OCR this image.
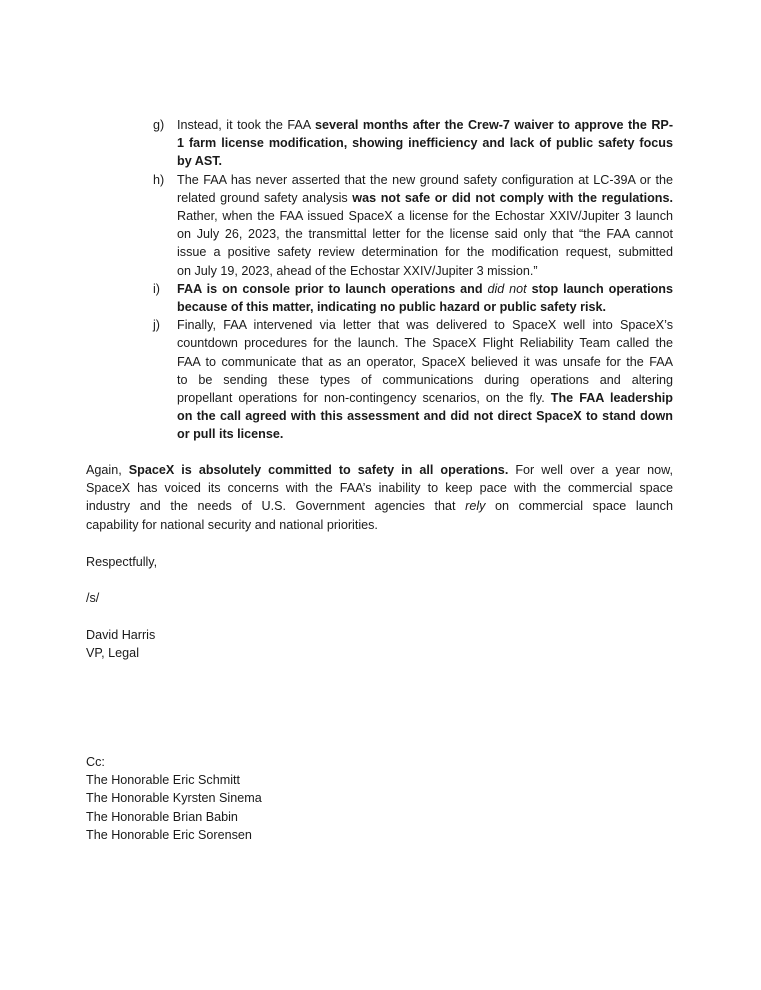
g) Instead, it took the FAA several months after the Crew-7 waiver to approve the RP-
1 farm license modification, showing inefficiency and lack of public safety focus
by AST.
h) The FAA has never asserted that the new ground safety configuration at LC-39A or the
related ground safety analysis was not safe or did not comply with the regulations.
Rather, when the FAA issued SpaceX a license for the Echostar XXIV/Jupiter 3 launch
on July 26, 2023, the transmittal letter for the license said only that “the FAA cannot
issue a positive safety review determination for the modification request, submitted
on July 19, 2023, ahead of the Echostar XXIV/Jupiter 3 mission.”
i) FAA is on console prior to launch operations and did not stop launch operations
because of this matter, indicating no public hazard or public safety risk.
j) Finally, FAA intervened via letter that was delivered to SpaceX well into SpaceX’s
countdown procedures for the launch. The SpaceX Flight Reliability Team called the
FAA to communicate that as an operator, SpaceX believed it was unsafe for the FAA
to be sending these types of communications during operations and altering
propellant operations for non-contingency scenarios, on the fly. The FAA leadership
on the call agreed with this assessment and did not direct SpaceX to stand down
or pull its license.
Again, SpaceX is absolutely committed to safety in all operations. For well over a year now,
SpaceX has voiced its concerns with the FAA’s inability to keep pace with the commercial space
industry and the needs of U.S. Government agencies that rely on commercial space launch
capability for national security and national priorities.
Respectfully,
/s/
David Harris
VP, Legal
Cc:
The Honorable Eric Schmitt
The Honorable Kyrsten Sinema
The Honorable Brian Babin
The Honorable Eric Sorensen
